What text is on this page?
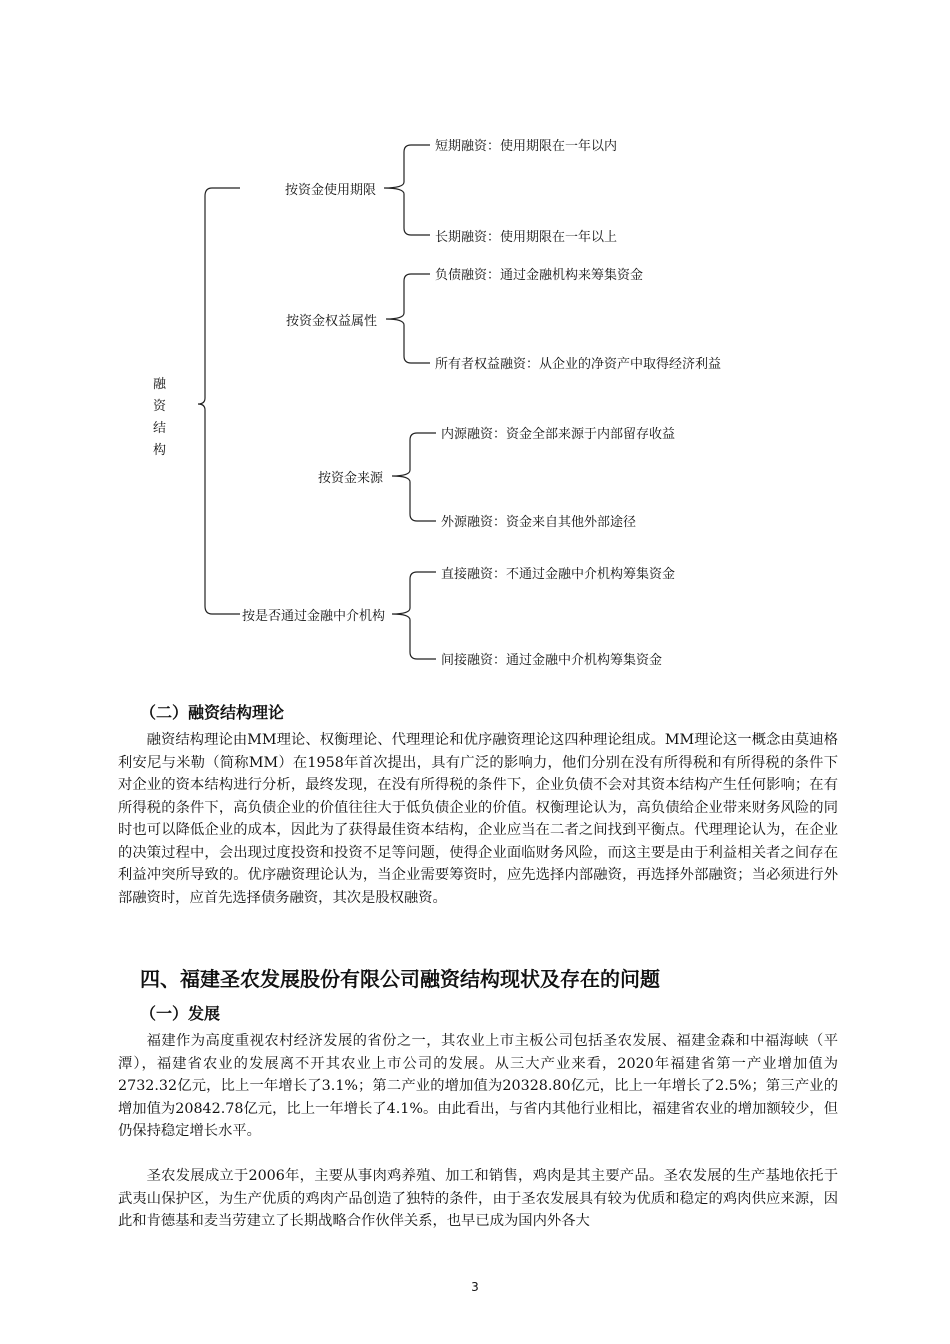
融
资
结
构
按资金使用期限
短期融资：使用期限在一年以内
长期融资：使用期限在一年以上
按资金权益属性
负债融资：通过金融机构来筹集资金
所有者权益融资：从企业的净资产中取得经济利益
按资金来源
内源融资：资金全部来源于内部留存收益
外源融资：资金来自其他外部途径
按是否通过金融中介机构
直接融资：不通过金融中介机构筹集资金
间接融资：通过金融中介机构筹集资金
（二）融资结构理论

融资结构理论由MM理论、权衡理论、代理理论和优序融资理论这四种理论组成。MM理论这一概念由莫迪格利安尼与米勒（简称MM）在1958年首次提出，具有广泛的影响力，他们分别在没有所得税和有所得税的条件下对企业的资本结构进行分析，最终发现，在没有所得税的条件下，企业负债不会对其资本结构产生任何影响；在有所得税的条件下，高负债企业的价值往往大于低负债企业的价值。权衡理论认为，高负债给企业带来财务风险的同时也可以降低企业的成本，因此为了获得最佳资本结构，企业应当在二者之间找到平衡点。代理理论认为，在企业的决策过程中，会出现过度投资和投资不足等问题，使得企业面临财务风险，而这主要是由于利益相关者之间存在利益冲突所导致的。优序融资理论认为，当企业需要筹资时，应先选择内部融资，再选择外部融资；当必须进行外部融资时，应首先选择债务融资，其次是股权融资。

四、福建圣农发展股份有限公司融资结构现状及存在的问题
（一）发展

福建作为高度重视农村经济发展的省份之一，其农业上市主板公司包括圣农发展、福建金森和中福海峡（平潭），福建省农业的发展离不开其农业上市公司的发展。从三大产业来看，2020年福建省第一产业增加值为2732.32亿元，比上一年增长了3.1%；第二产业的增加值为20328.80亿元，比上一年增长了2.5%；第三产业的增加值为20842.78亿元，比上一年增长了4.1%。由此看出，与省内其他行业相比，福建省农业的增加额较少，但仍保持稳定增长水平。

圣农发展成立于2006年，主要从事肉鸡养殖、加工和销售，鸡肉是其主要产品。圣农发展的生产基地依托于武夷山保护区，为生产优质的鸡肉产品创造了独特的条件，由于圣农发展具有较为优质和稳定的鸡肉供应来源，因此和肯德基和麦当劳建立了长期战略合作伙伴关系，也早已成为国内外各大

3
